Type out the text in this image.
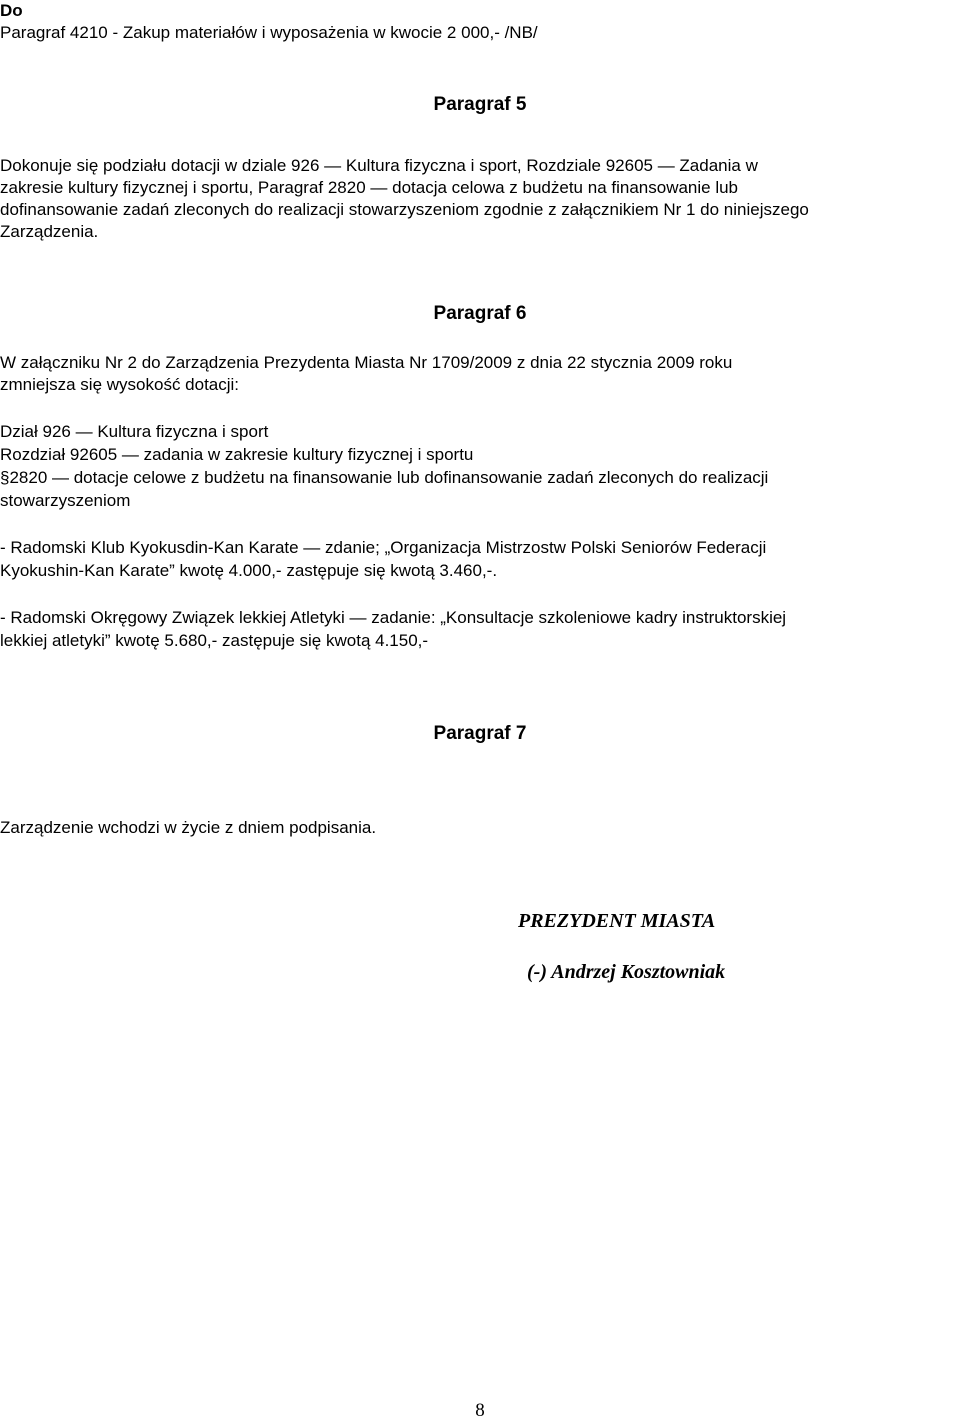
Do
Paragraf 4210 - Zakup materiałów i wyposażenia w kwocie 2 000,- /NB/
Paragraf 5
Dokonuje się podziału dotacji w dziale 926 — Kultura fizyczna i sport, Rozdziale 92605 — Zadania w
zakresie kultury fizycznej i sportu, Paragraf 2820 — dotacja celowa z budżetu na finansowanie lub
dofinansowanie zadań zleconych do realizacji stowarzyszeniom zgodnie z załącznikiem Nr 1 do niniejszego
Zarządzenia.
Paragraf 6
W załączniku Nr 2 do Zarządzenia Prezydenta Miasta Nr 1709/2009 z dnia 22 stycznia 2009 roku
zmniejsza się wysokość dotacji:
Dział 926 — Kultura fizyczna i sport
Rozdział 92605 — zadania w zakresie kultury fizycznej i sportu
§2820 — dotacje celowe z budżetu na finansowanie lub dofinansowanie zadań zleconych do realizacji
stowarzyszeniom
- Radomski Klub Kyokusdin-Kan Karate — zdanie; „Organizacja Mistrzostw Polski Seniorów Federacji
Kyokushin-Kan Karate” kwotę 4.000,- zastępuje się kwotą 3.460,-.
- Radomski Okręgowy Związek lekkiej Atletyki — zadanie: „Konsultacje szkoleniowe kadry instruktorskiej
lekkiej atletyki” kwotę 5.680,- zastępuje się kwotą 4.150,-
Paragraf 7
Zarządzenie wchodzi w życie z dniem podpisania.
PREZYDENT MIASTA
(-) Andrzej Kosztowniak
8
